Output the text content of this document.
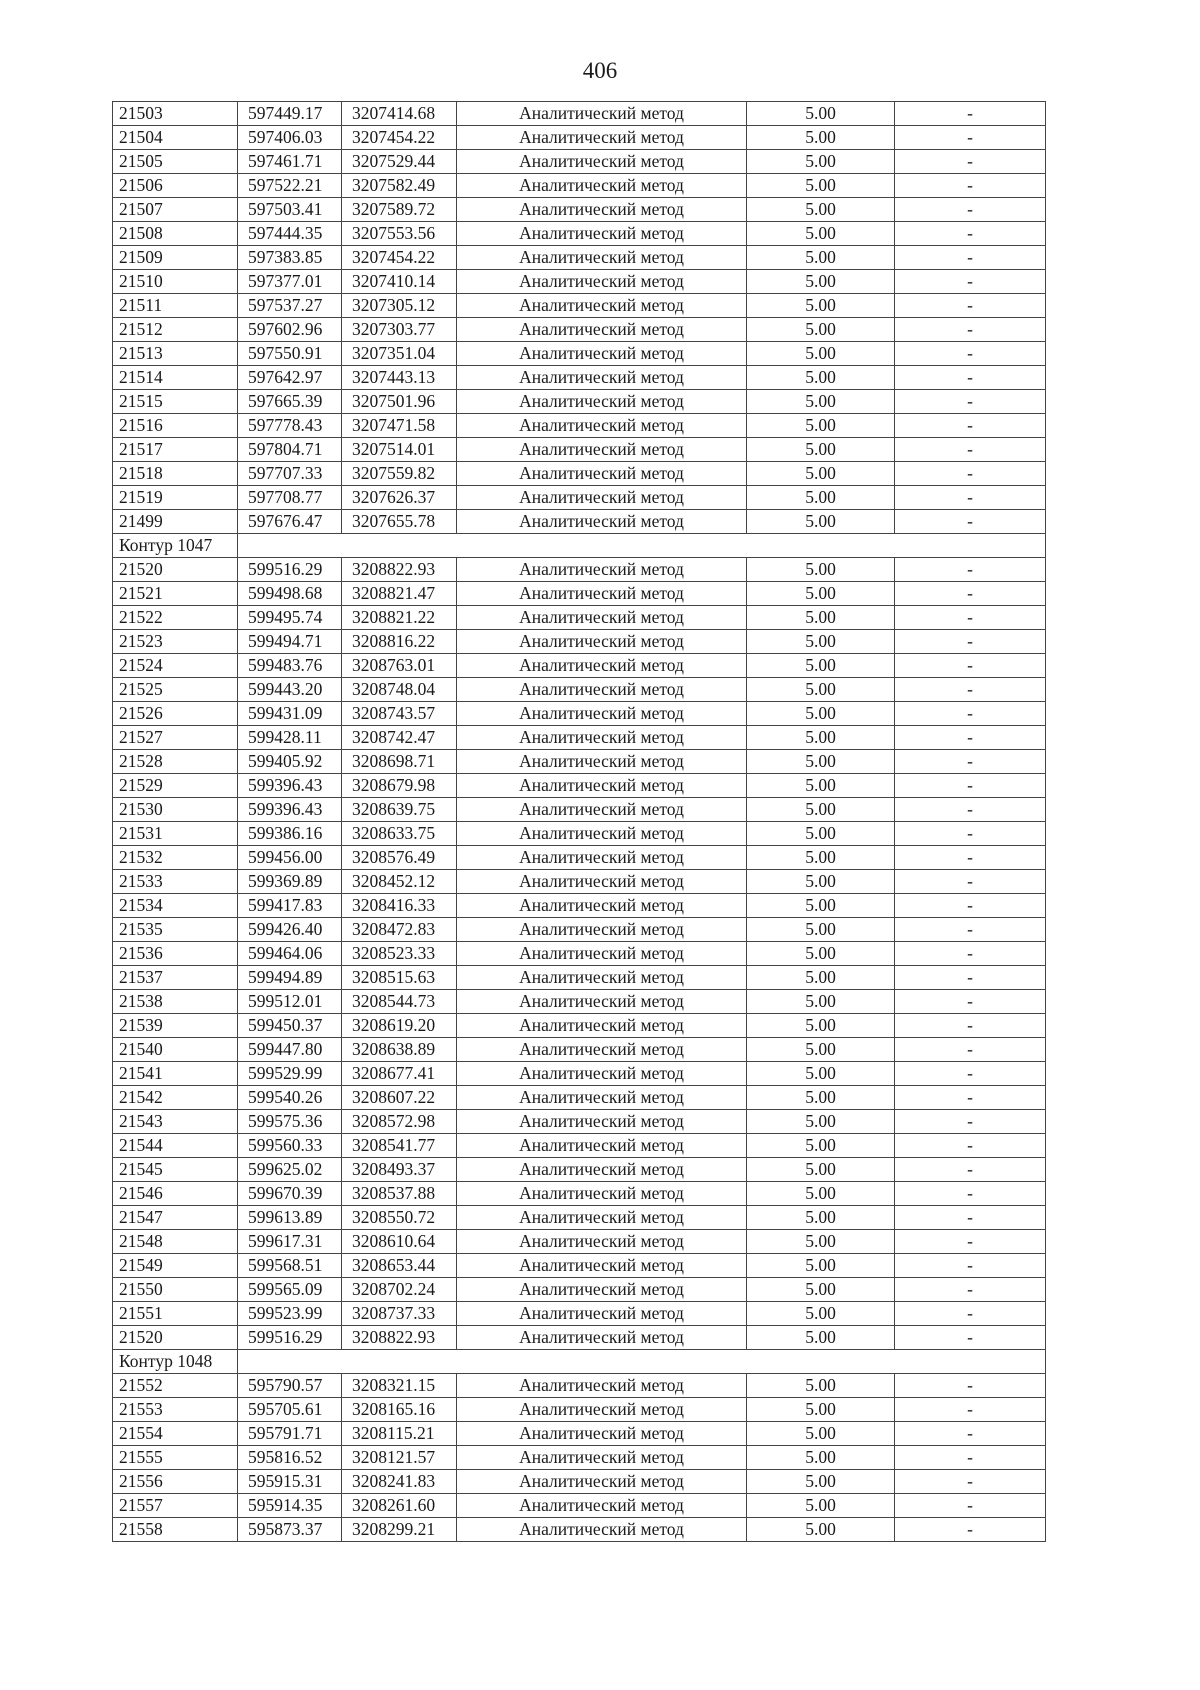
406
21503	597449.17	3207414.68	Аналитический метод	5.00	-
21504	597406.03	3207454.22	Аналитический метод	5.00	-
21505	597461.71	3207529.44	Аналитический метод	5.00	-
21506	597522.21	3207582.49	Аналитический метод	5.00	-
21507	597503.41	3207589.72	Аналитический метод	5.00	-
21508	597444.35	3207553.56	Аналитический метод	5.00	-
21509	597383.85	3207454.22	Аналитический метод	5.00	-
21510	597377.01	3207410.14	Аналитический метод	5.00	-
21511	597537.27	3207305.12	Аналитический метод	5.00	-
21512	597602.96	3207303.77	Аналитический метод	5.00	-
21513	597550.91	3207351.04	Аналитический метод	5.00	-
21514	597642.97	3207443.13	Аналитический метод	5.00	-
21515	597665.39	3207501.96	Аналитический метод	5.00	-
21516	597778.43	3207471.58	Аналитический метод	5.00	-
21517	597804.71	3207514.01	Аналитический метод	5.00	-
21518	597707.33	3207559.82	Аналитический метод	5.00	-
21519	597708.77	3207626.37	Аналитический метод	5.00	-
21499	597676.47	3207655.78	Аналитический метод	5.00	-
Контур 1047					
21520	599516.29	3208822.93	Аналитический метод	5.00	-
21521	599498.68	3208821.47	Аналитический метод	5.00	-
21522	599495.74	3208821.22	Аналитический метод	5.00	-
21523	599494.71	3208816.22	Аналитический метод	5.00	-
21524	599483.76	3208763.01	Аналитический метод	5.00	-
21525	599443.20	3208748.04	Аналитический метод	5.00	-
21526	599431.09	3208743.57	Аналитический метод	5.00	-
21527	599428.11	3208742.47	Аналитический метод	5.00	-
21528	599405.92	3208698.71	Аналитический метод	5.00	-
21529	599396.43	3208679.98	Аналитический метод	5.00	-
21530	599396.43	3208639.75	Аналитический метод	5.00	-
21531	599386.16	3208633.75	Аналитический метод	5.00	-
21532	599456.00	3208576.49	Аналитический метод	5.00	-
21533	599369.89	3208452.12	Аналитический метод	5.00	-
21534	599417.83	3208416.33	Аналитический метод	5.00	-
21535	599426.40	3208472.83	Аналитический метод	5.00	-
21536	599464.06	3208523.33	Аналитический метод	5.00	-
21537	599494.89	3208515.63	Аналитический метод	5.00	-
21538	599512.01	3208544.73	Аналитический метод	5.00	-
21539	599450.37	3208619.20	Аналитический метод	5.00	-
21540	599447.80	3208638.89	Аналитический метод	5.00	-
21541	599529.99	3208677.41	Аналитический метод	5.00	-
21542	599540.26	3208607.22	Аналитический метод	5.00	-
21543	599575.36	3208572.98	Аналитический метод	5.00	-
21544	599560.33	3208541.77	Аналитический метод	5.00	-
21545	599625.02	3208493.37	Аналитический метод	5.00	-
21546	599670.39	3208537.88	Аналитический метод	5.00	-
21547	599613.89	3208550.72	Аналитический метод	5.00	-
21548	599617.31	3208610.64	Аналитический метод	5.00	-
21549	599568.51	3208653.44	Аналитический метод	5.00	-
21550	599565.09	3208702.24	Аналитический метод	5.00	-
21551	599523.99	3208737.33	Аналитический метод	5.00	-
21520	599516.29	3208822.93	Аналитический метод	5.00	-
Контур 1048					
21552	595790.57	3208321.15	Аналитический метод	5.00	-
21553	595705.61	3208165.16	Аналитический метод	5.00	-
21554	595791.71	3208115.21	Аналитический метод	5.00	-
21555	595816.52	3208121.57	Аналитический метод	5.00	-
21556	595915.31	3208241.83	Аналитический метод	5.00	-
21557	595914.35	3208261.60	Аналитический метод	5.00	-
21558	595873.37	3208299.21	Аналитический метод	5.00	-
